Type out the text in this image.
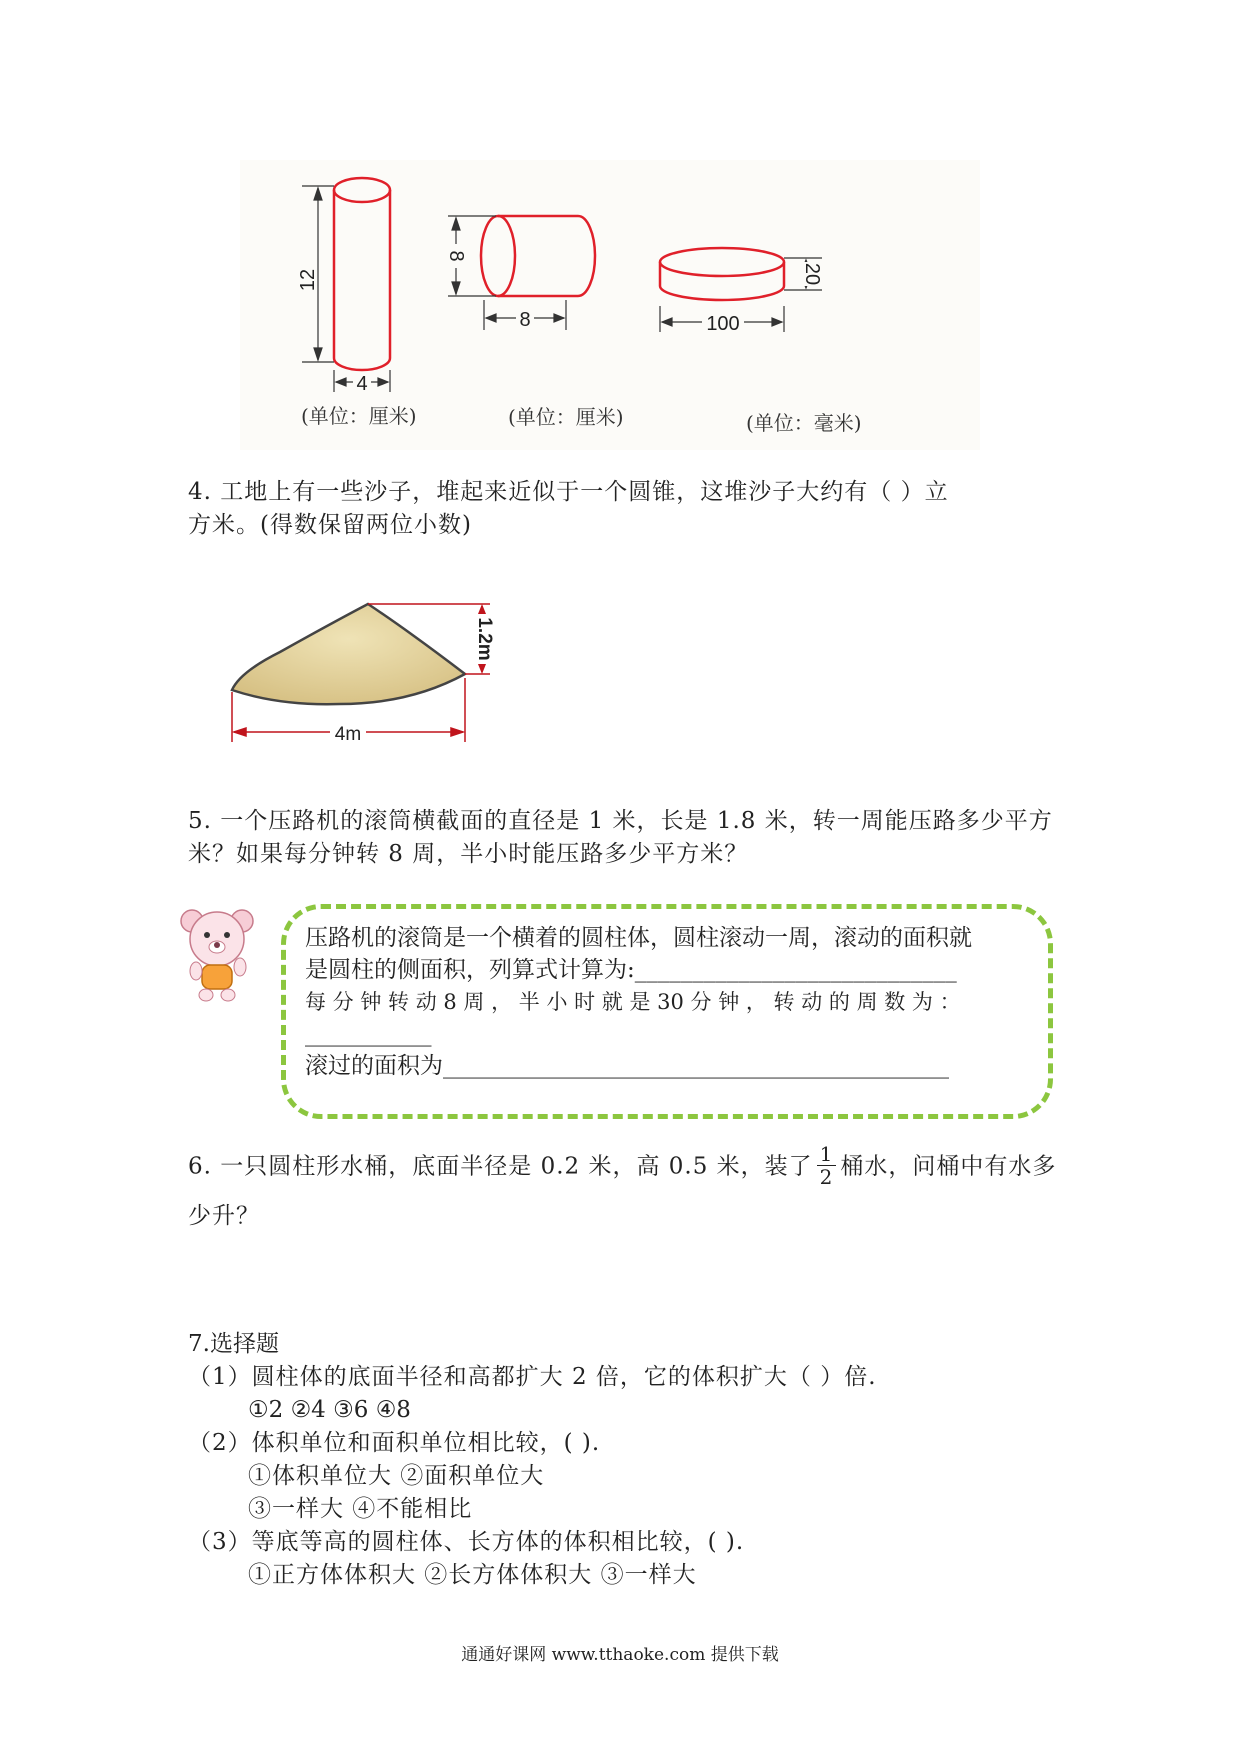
12
4
8
8
20
100
(单位：厘米)	(单位：厘米)	(单位：毫米)
4. 工地上有一些沙子，堆起来近似于一个圆锥，这堆沙子大约有（ ）立
方米。(得数保留两位小数)
1.2m
4m
5. 一个压路机的滚筒横截面的直径是 1 米，长是 1.8 米，转一周能压路多少平方
米？如果每分钟转 8 周，半小时能压路多少平方米？
压路机的滚筒是一个横着的圆柱体，圆柱滚动一周，滚动的面积就
是圆柱的侧面积，列算式计算为:____________________________
每 分 钟 转 动 8 周 ， 半 小 时 就 是 30 分 钟 ， 转 动 的 周 数 为 ：
___________
滚过的面积为____________________________________________
6. 一只圆柱形水桶，底面半径是 0.2 米，高 0.5 米，装了 $\frac{1}{2}$ 桶水，问桶中有水多
少升？
7.选择题
（1）圆柱体的底面半径和高都扩大 2 倍，它的体积扩大（ ）倍.
①2 ②4 ③6 ④8
（2）体积单位和面积单位相比较，( ).
①体积单位大 ②面积单位大
③一样大 ④不能相比
（3）等底等高的圆柱体、长方体的体积相比较，( ).
①正方体体积大 ②长方体体积大 ③一样大
通通好课网 www.tthaoke.com 提供下载
